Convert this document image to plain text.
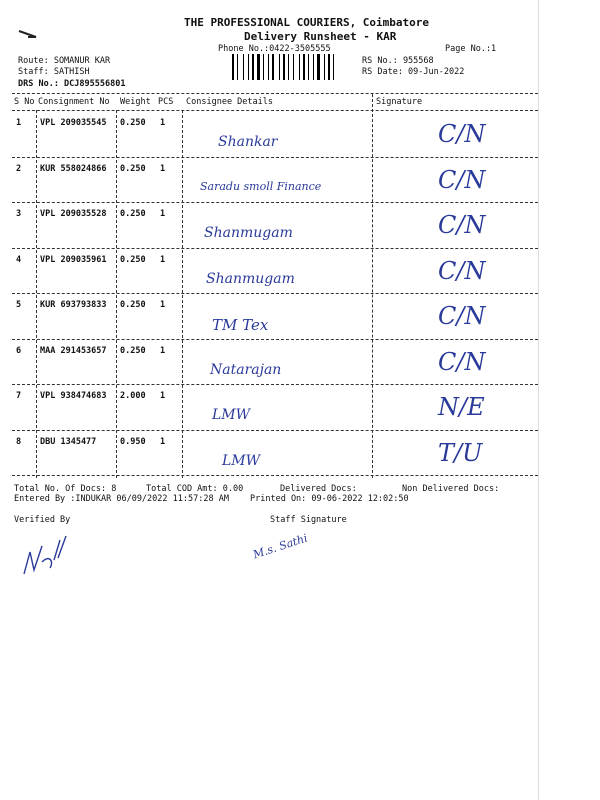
THE PROFESSIONAL COURIERS, Coimbatore
Delivery Runsheet - KAR
Phone No.:0422-3505555	Page No.:1
Route: SOMANUR KAR
Staff: SATHISH
DRS No.: DCJ895556801
RS No.: 955568
RS Date: 09-Jun-2022
S No Consignment No Weight PCS Consignee Details	Signature
1 VPL 209035545 0.250 1
Shankar	C/N
2 KUR 558024866 0.250 1
Saradu smoll Finance	C/N
3 VPL 209035528 0.250 1
Shanmugam	C/N
4 VPL 209035961 0.250 1
Shanmugam	C/N
5 KUR 693793833 0.250 1
TM Tex	C/N
6 MAA 291453657 0.250 1
Natarajan	C/N
7 VPL 938474683 2.000 1
LMW	N/E
8 DBU 1345477	0.950 1
LMW	T/U
Total No. Of Docs: 8	Total COD Amt: 0.00	Delivered Docs:	Non Delivered Docs:
Entered By :INDUKAR 06/09/2022 11:57:28 AM Printed On: 09-06-2022 12:02:50
Verified By	Staff Signature
M.s. Sathi
